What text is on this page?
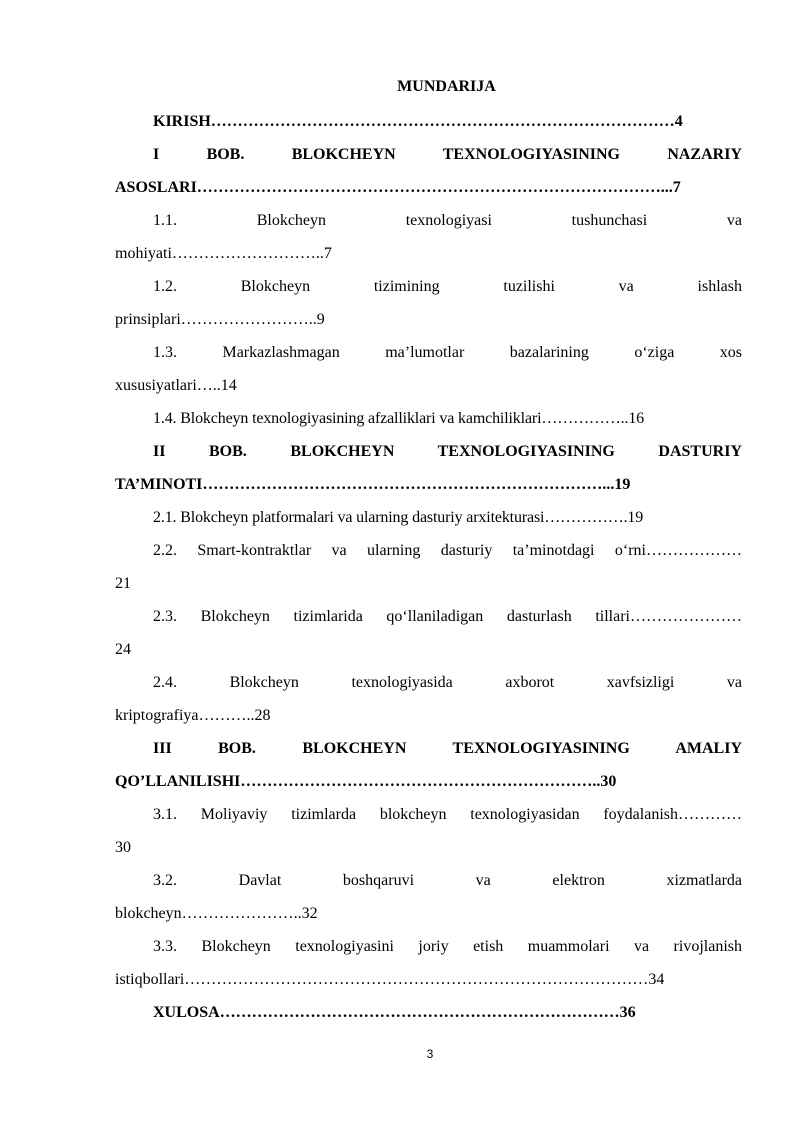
MUNDARIJA
KIRISH……………………………………………………………………………4
I BOB. BLOKCHEYN TEXNOLOGIYASINING NAZARIY
ASOSLARI……………………………………………………………………………...7
1.1. Blokcheyn texnologiyasi tushunchasi va
mohiyati………………………..7
1.2. Blokcheyn tizimining tuzilishi va ishlash
prinsiplari……………………..9
1.3. Markazlashmagan ma’lumotlar bazalarining o‘ziga xos
xususiyatlari…..14
1.4. Blokcheyn texnologiyasining afzalliklari va kamchiliklari……………..16
II BOB. BLOKCHEYN TEXNOLOGIYASINING DASTURIY
TA’MINOTI…………………………………………………………………...19
2.1. Blokcheyn platformalari va ularning dasturiy arxitekturasi…………….19
2.2. Smart-kontraktlar va ularning dasturiy ta’minotdagi o‘rni………………
21
2.3. Blokcheyn tizimlarida qo‘llaniladigan dasturlash tillari…………………
24
2.4. Blokcheyn texnologiyasida axborot xavfsizligi va
kriptografiya………..28
III BOB. BLOKCHEYN TEXNOLOGIYASINING AMALIY
QO’LLANILISHI…………………………………………………………..30
3.1. Moliyaviy tizimlarda blokcheyn texnologiyasidan foydalanish…………
30
3.2. Davlat boshqaruvi va elektron xizmatlarda
blokcheyn…………………..32
3.3. Blokcheyn texnologiyasini joriy etish muammolari va rivojlanish
istiqbollari……………………………………………………………………………34
XULOSA…………………………………………………………………36
3
